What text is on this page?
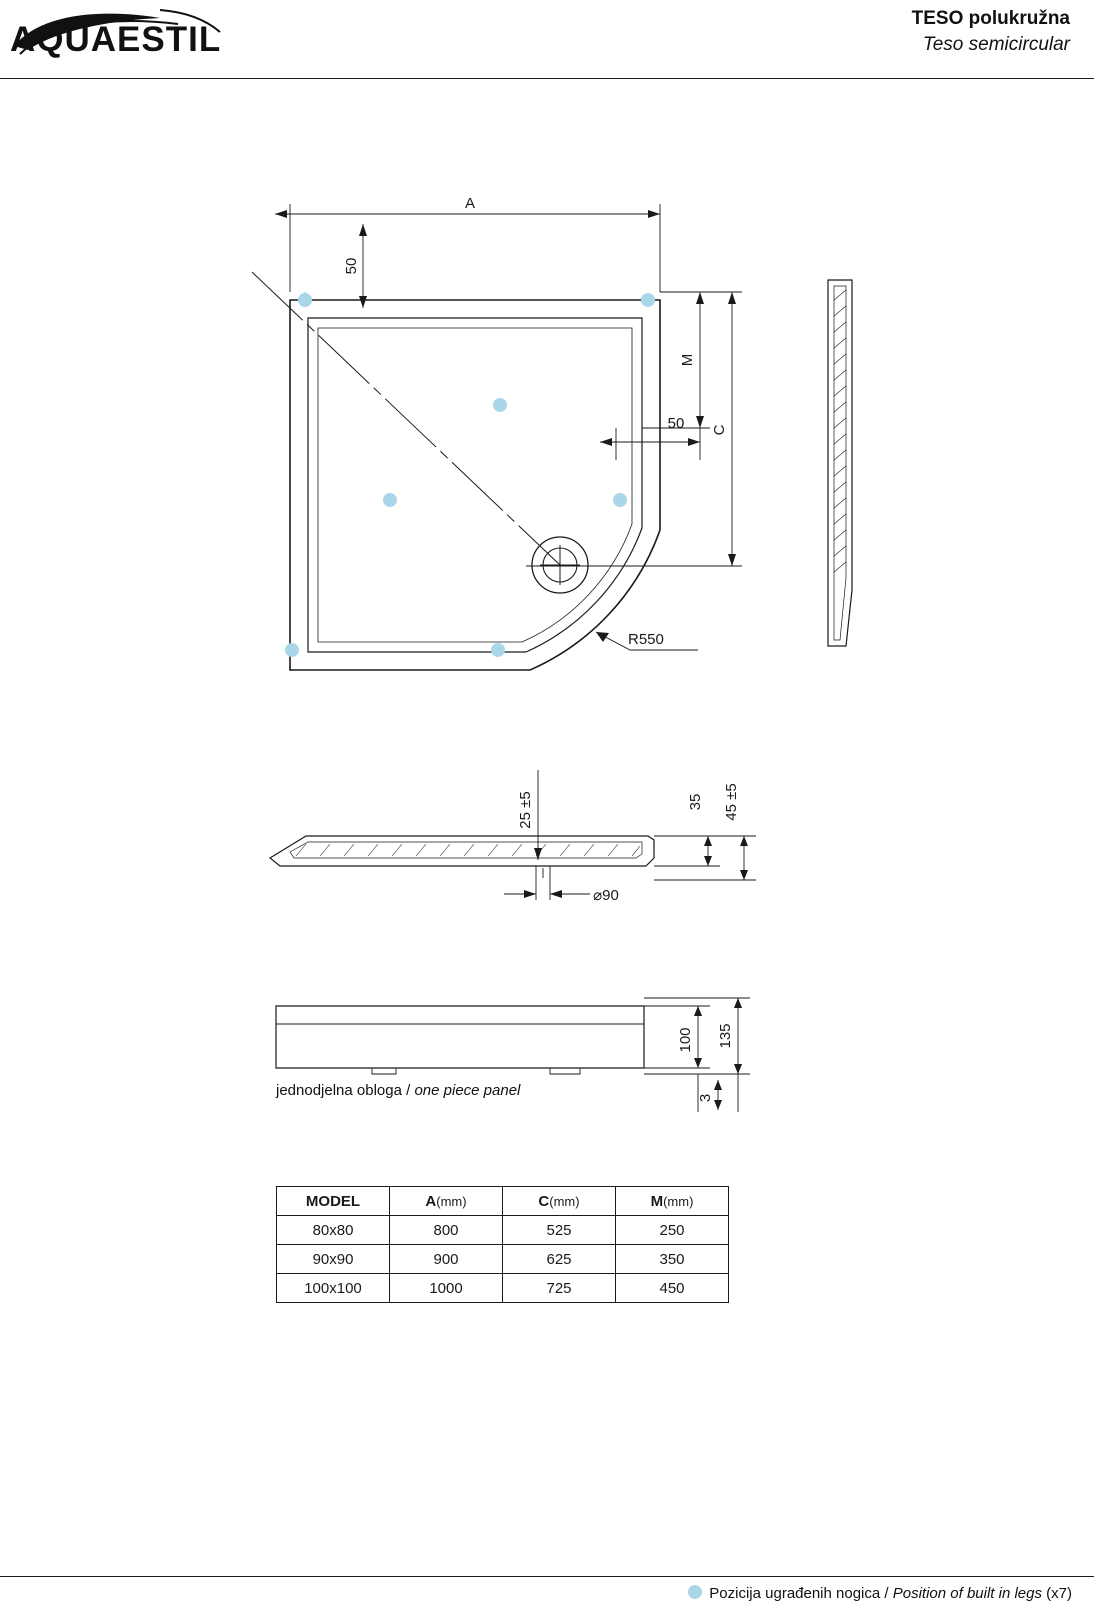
AQUAESTIL
TESO polukružna
Teso semicircular
A
50
M
C
50
R550
25 ±5	35 45 ±5
⌀90
100 135
3
jednodjelna obloga / one piece panel
MODEL	A(mm)	C(mm)	M(mm)
80x80	800	525	250
90x90	900	625	350
100x100	1000	725	450
Pozicija ugrađenih nogica / Position of built in legs (x7)
